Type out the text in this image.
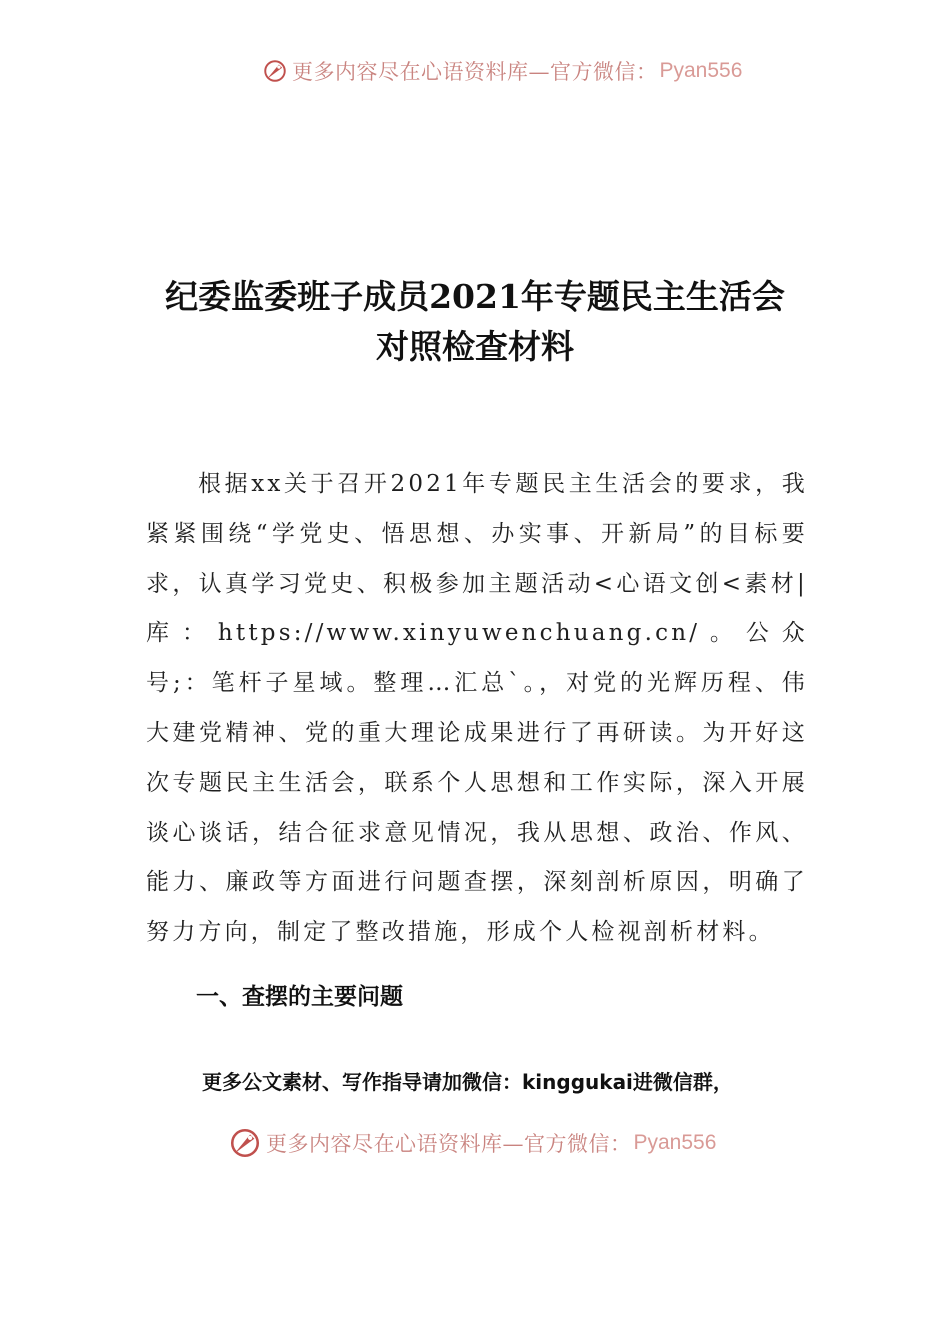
更多内容尽在心语资料库—官方微信： Pyan556
纪委监委班子成员2021年专题民主生活会
对照检查材料

根据xx关于召开2021年专题民主生活会的要求，我紧紧围绕“学党史、悟思想、办实事、开新局”的目标要求，认真学习党史、积极参加主题活动<心语文创<素材|库：https://www.xinyuwenchuang.cn/。公众号;：笔杆子星域。整理…汇总`。，对党的光辉历程、伟大建党精神、党的重大理论成果进行了再研读。为开好这次专题民主生活会，联系个人思想和工作实际，深入开展谈心谈话，结合征求意见情况，我从思想、政治、作风、能力、廉政等方面进行问题查摆，深刻剖析原因，明确了努力方向，制定了整改措施，形成个人检视剖析材料。

一、查摆的主要问题
更多公文素材、写作指导请加微信：kinggukai进微信群，
更多内容尽在心语资料库—官方微信： Pyan556
